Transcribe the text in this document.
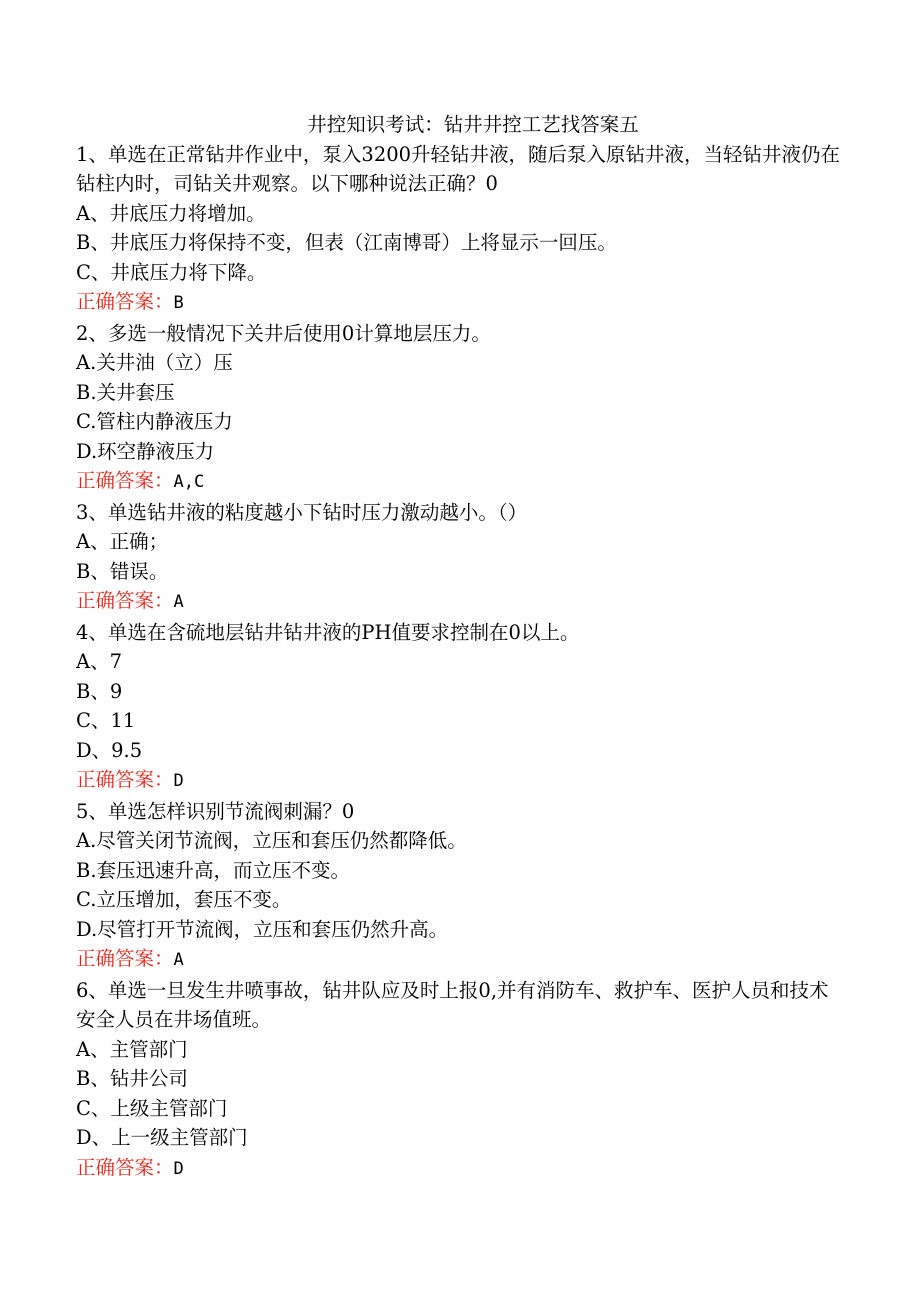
井控知识考试：钻井井控工艺找答案五

1、单选在正常钻井作业中，泵入3200升轻钻井液，随后泵入原钻井液，当轻钻井液仍在钻柱内时，司钻关井观察。以下哪种说法正确？0

A、井底压力将增加。

B、井底压力将保持不变，但表（江南博哥）上将显示一回压。

C、井底压力将下降。

正确答案：B

2、多选一般情况下关井后使用0计算地层压力。

A.关井油（立）压

B.关井套压

C.管柱内静液压力

D.环空静液压力

正确答案：A,C

3、单选钻井液的粘度越小下钻时压力激动越小。（）

A、正确；

B、错误。

正确答案：A

4、单选在含硫地层钻井钻井液的PH值要求控制在0以上。

A、7

B、9

C、11

D、9.5

正确答案：D

5、单选怎样识别节流阀刺漏？0

A.尽管关闭节流阀，立压和套压仍然都降低。

B.套压迅速升高，而立压不变。

C.立压增加，套压不变。

D.尽管打开节流阀，立压和套压仍然升高。

正确答案：A

6、单选一旦发生井喷事故，钻井队应及时上报0,并有消防车、救护车、医护人员和技术安全人员在井场值班。

A、主管部门

B、钻井公司

C、上级主管部门

D、上一级主管部门

正确答案：D
